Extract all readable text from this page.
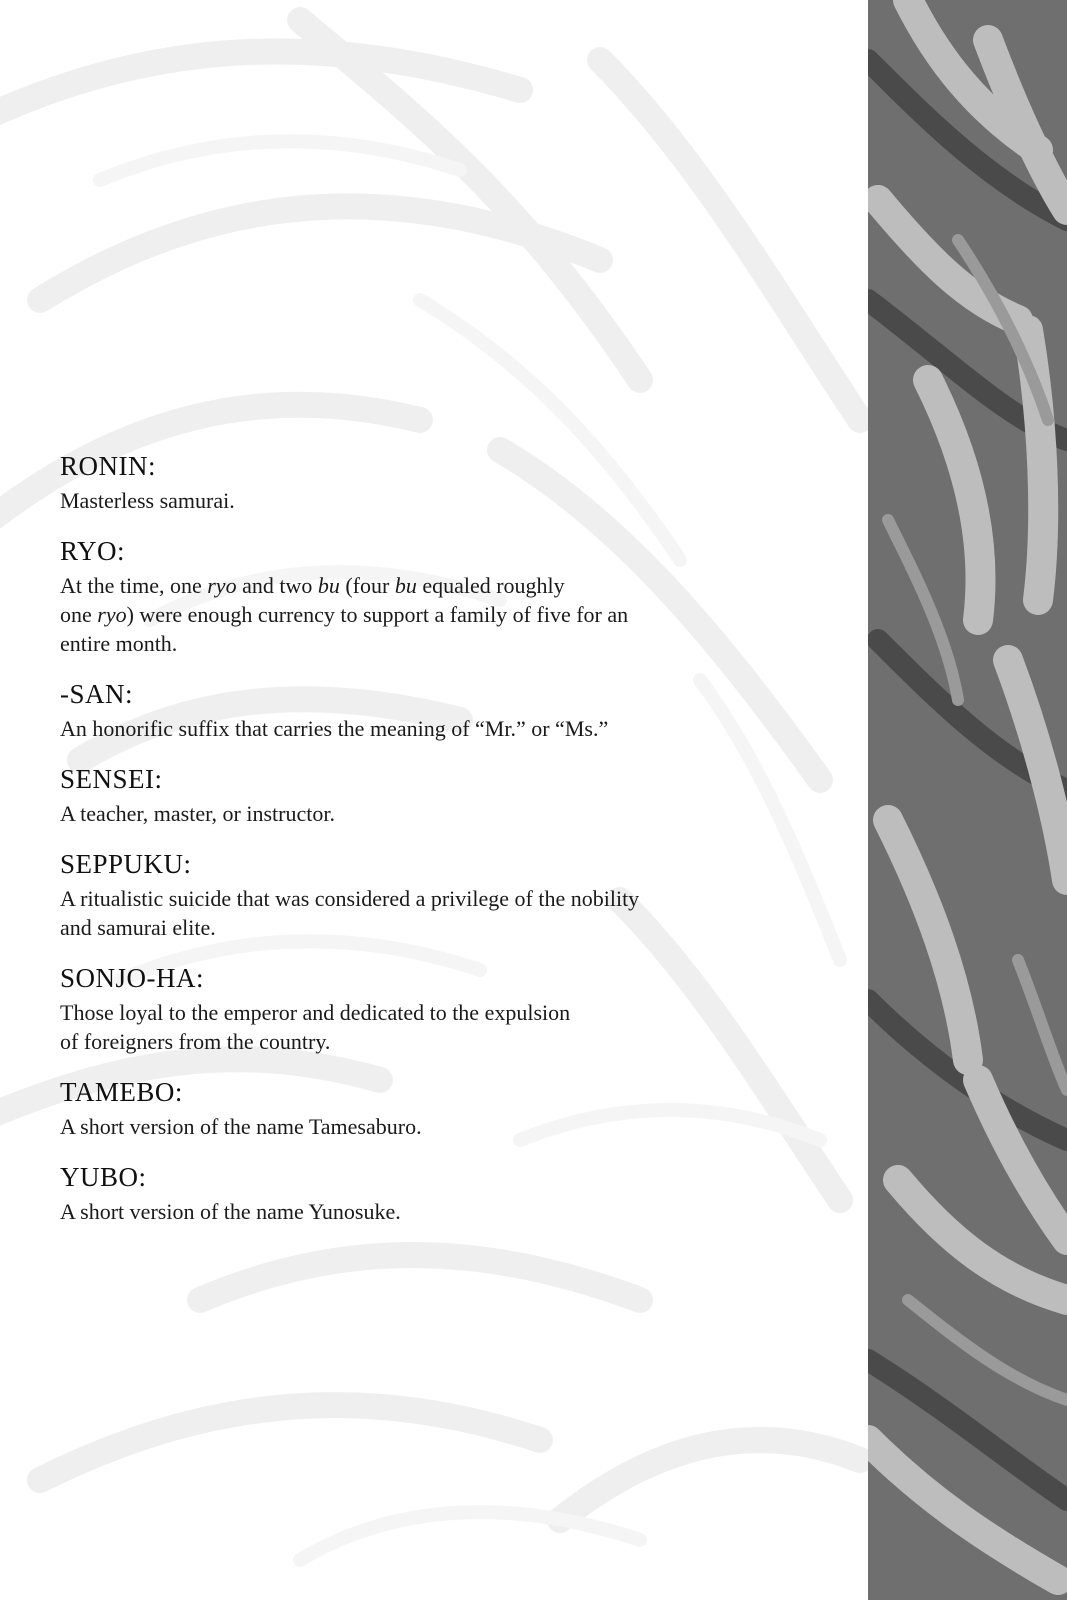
RONIN:

Masterless samurai.

RYO:

At the time, one ryo and two bu (four bu equaled roughly
one ryo) were enough currency to support a family of five for an
entire month.

-SAN:

An honorific suffix that carries the meaning of “Mr.” or “Ms.”

SENSEI:

A teacher, master, or instructor.

SEPPUKU:

A ritualistic suicide that was considered a privilege of the nobility
and samurai elite.

SONJO-HA:

Those loyal to the emperor and dedicated to the expulsion
of foreigners from the country.

TAMEBO:

A short version of the name Tamesaburo.

YUBO:

A short version of the name Yunosuke.
